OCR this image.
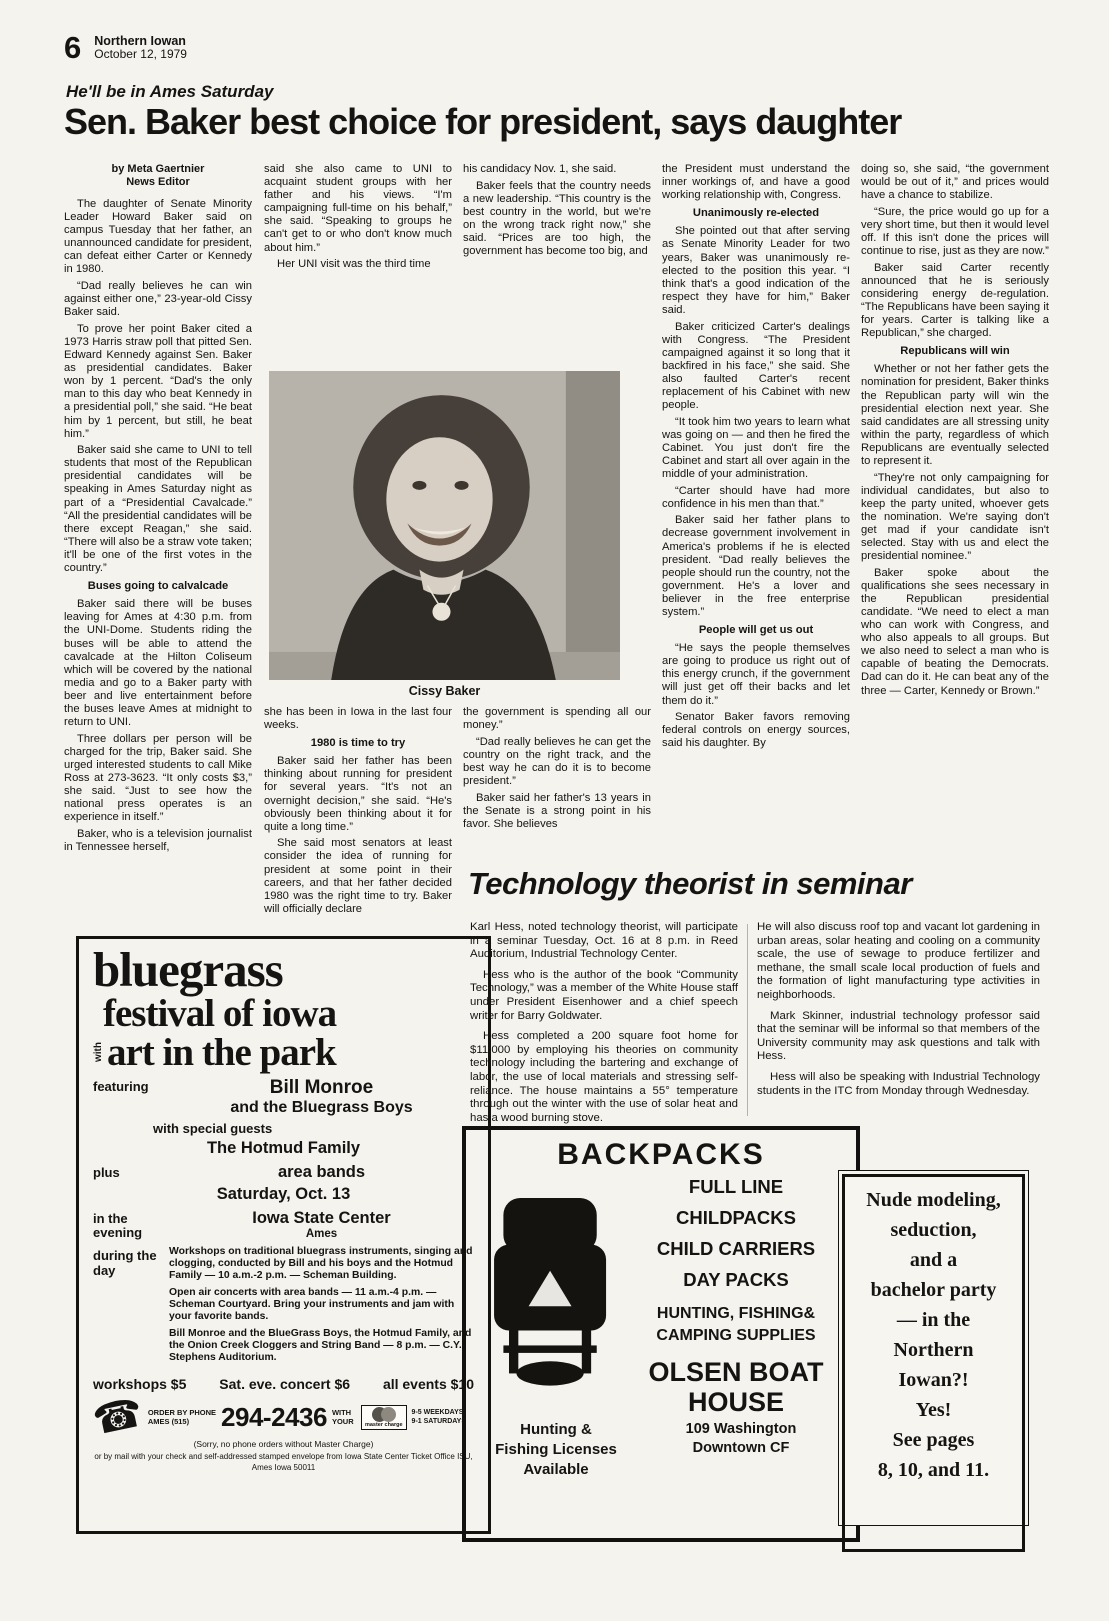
6 Northern Iowan
October 12, 1979
He'll be in Ames Saturday
Sen. Baker best choice for president, says daughter
by Meta Gaertnier
News Editor

The daughter of Senate Minority Leader Howard Baker said on campus Tuesday that her father, an unannounced candidate for president, can defeat either Carter or Kennedy in 1980.

“Dad really believes he can win against either one,” 23-year-old Cissy Baker said.

To prove her point Baker cited a 1973 Harris straw poll that pitted Sen. Edward Kennedy against Sen. Baker as presidential candidates. Baker won by 1 percent. “Dad's the only man to this day who beat Kennedy in a presidential poll,” she said. “He beat him by 1 percent, but still, he beat him.”

Baker said she came to UNI to tell students that most of the Republican presidential candidates will be speaking in Ames Saturday night as part of a “Presidential Cavalcade.” “All the presidential candidates will be there except Reagan,” she said. “There will also be a straw vote taken; it'll be one of the first votes in the country.”

Buses going to calvalcade

Baker said there will be buses leaving for Ames at 4:30 p.m. from the UNI-Dome. Students riding the buses will be able to attend the cavalcade at the Hilton Coliseum which will be covered by the national media and go to a Baker party with beer and live entertainment before the buses leave Ames at midnight to return to UNI.

Three dollars per person will be charged for the trip, Baker said. She urged interested students to call Mike Ross at 273-3623. “It only costs $3,” she said. “Just to see how the national press operates is an experience in itself.”

Baker, who is a television journalist in Tennessee herself,

said she also came to UNI to acquaint student groups with her father and his views. “I'm campaigning full-time on his behalf,” she said. “Speaking to groups he can't get to or who don't know much about him.”

Her UNI visit was the third time

his candidacy Nov. 1, she said.

Baker feels that the country needs a new leadership. “This country is the best country in the world, but we're on the wrong track right now,” she said. “Prices are too high, the government has become too big, and

the President must understand the inner workings of, and have a good working relationship with, Congress.

Unanimously re-elected

She pointed out that after serving as Senate Minority Leader for two years, Baker was unanimously re-elected to the position this year. “I think that's a good indication of the respect they have for him,” Baker said.

Baker criticized Carter's dealings with Congress. “The President campaigned against it so long that it backfired in his face,” she said. She also faulted Carter's recent replacement of his Cabinet with new people.

“It took him two years to learn what was going on — and then he fired the Cabinet. You just don't fire the Cabinet and start all over again in the middle of your administration.

“Carter should have had more confidence in his men than that.”

Baker said her father plans to decrease government involvement in America's problems if he is elected president. “Dad really believes the people should run the country, not the government. He's a lover and believer in the free enterprise system.”

People will get us out

“He says the people themselves are going to produce us right out of this energy crunch, if the government will just get off their backs and let them do it.”

Senator Baker favors removing federal controls on energy sources, said his daughter. By

doing so, she said, “the government would be out of it,” and prices would have a chance to stabilize.

“Sure, the price would go up for a very short time, but then it would level off. If this isn't done the prices will continue to rise, just as they are now.”

Baker said Carter recently announced that he is seriously considering energy de-regulation. “The Republicans have been saying it for years. Carter is talking like a Republican,” she charged.

Republicans will win

Whether or not her father gets the nomination for president, Baker thinks the Republican party will win the presidential election next year. She said candidates are all stressing unity within the party, regardless of which Republicans are eventually selected to represent it.

“They're not only campaigning for individual candidates, but also to keep the party united, whoever gets the nomination. We're saying don't get mad if your candidate isn't selected. Stay with us and elect the presidential nominee.”

Baker spoke about the qualifications she sees necessary in the Republican presidential candidate. “We need to elect a man who can work with Congress, and who also appeals to all groups. But we also need to select a man who is capable of beating the Democrats. Dad can do it. He can beat any of the three — Carter, Kennedy or Brown.”

Cissy Baker

she has been in Iowa in the last four weeks.

1980 is time to try

Baker said her father has been thinking about running for president for several years. “It's not an overnight decision,” she said. “He's obviously been thinking about it for quite a long time.”

She said most senators at least consider the idea of running for president at some point in their careers, and that her father decided 1980 was the right time to try. Baker will officially declare

the government is spending all our money.”

“Dad really believes he can get the country on the right track, and the best way he can do it is to become president.”

Baker said her father's 13 years in the Senate is a strong point in his favor. She believes

Technology theorist in seminar

Karl Hess, noted technology theorist, will participate in a seminar Tuesday, Oct. 16 at 8 p.m. in Reed Auditorium, Industrial Technology Center.

Hess who is the author of the book “Community Technology,” was a member of the White House staff under President Eisenhower and a chief speech writer for Barry Goldwater.

Hess completed a 200 square foot home for $11,000 by employing his theories on community technology including the bartering and exchange of labor, the use of local materials and stressing self-reliance. The house maintains a 55° temperature through out the winter with the use of solar heat and has a wood burning stove.

He will also discuss roof top and vacant lot gardening in urban areas, solar heating and cooling on a community scale, the use of sewage to produce fertilizer and methane, the small scale local production of fuels and the formation of light manufacturing type activities in neighborhoods.

Mark Skinner, industrial technology professor said that the seminar will be informal so that members of the University community may ask questions and talk with Hess.

Hess will also be speaking with Industrial Technology students in the ITC from Monday through Wednesday.

bluegrass
festival of iowa
with art in the park
featuring	Bill Monroe
and the Bluegrass Boys
with special guests
The Hotmud Family
plus	area bands
Saturday, Oct. 13
in the evening
Iowa State Center
Ames
during the day

Workshops on traditional bluegrass instruments, singing and clogging, conducted by Bill and his boys and the Hotmud Family — 10 a.m.-2 p.m. — Scheman Building.

Open air concerts with area bands — 11 a.m.-4 p.m. — Scheman Courtyard. Bring your instruments and jam with your favorite bands.

Bill Monroe and the BlueGrass Boys, the Hotmud Family, and the Onion Creek Cloggers and String Band — 8 p.m. — C.Y. Stephens Auditorium.

workshops $5 Sat. eve. concert $6 all events $10
☎ ORDER BY PHONE
AMES (515)	294-2436 WITH YOUR	master charge
9-5 WEEKDAYS
9-1 SATURDAYS
(Sorry, no phone orders without Master Charge)
or by mail with your check and self-addressed stamped envelope from Iowa State Center Ticket Office ISU, Ames Iowa 50011
BACKPACKS

FULL LINE

CHILDPACKS

CHILD CARRIERS

DAY PACKS

HUNTING, FISHING&
CAMPING SUPPLIES
OLSEN BOAT
HOUSE

Hunting &

Fishing Licenses

Available

109 Washington
Downtown CF

Nude modeling,

seduction,

and a

bachelor party

— in the

Northern

Iowan?!

Yes!

See pages

8, 10, and 11.
